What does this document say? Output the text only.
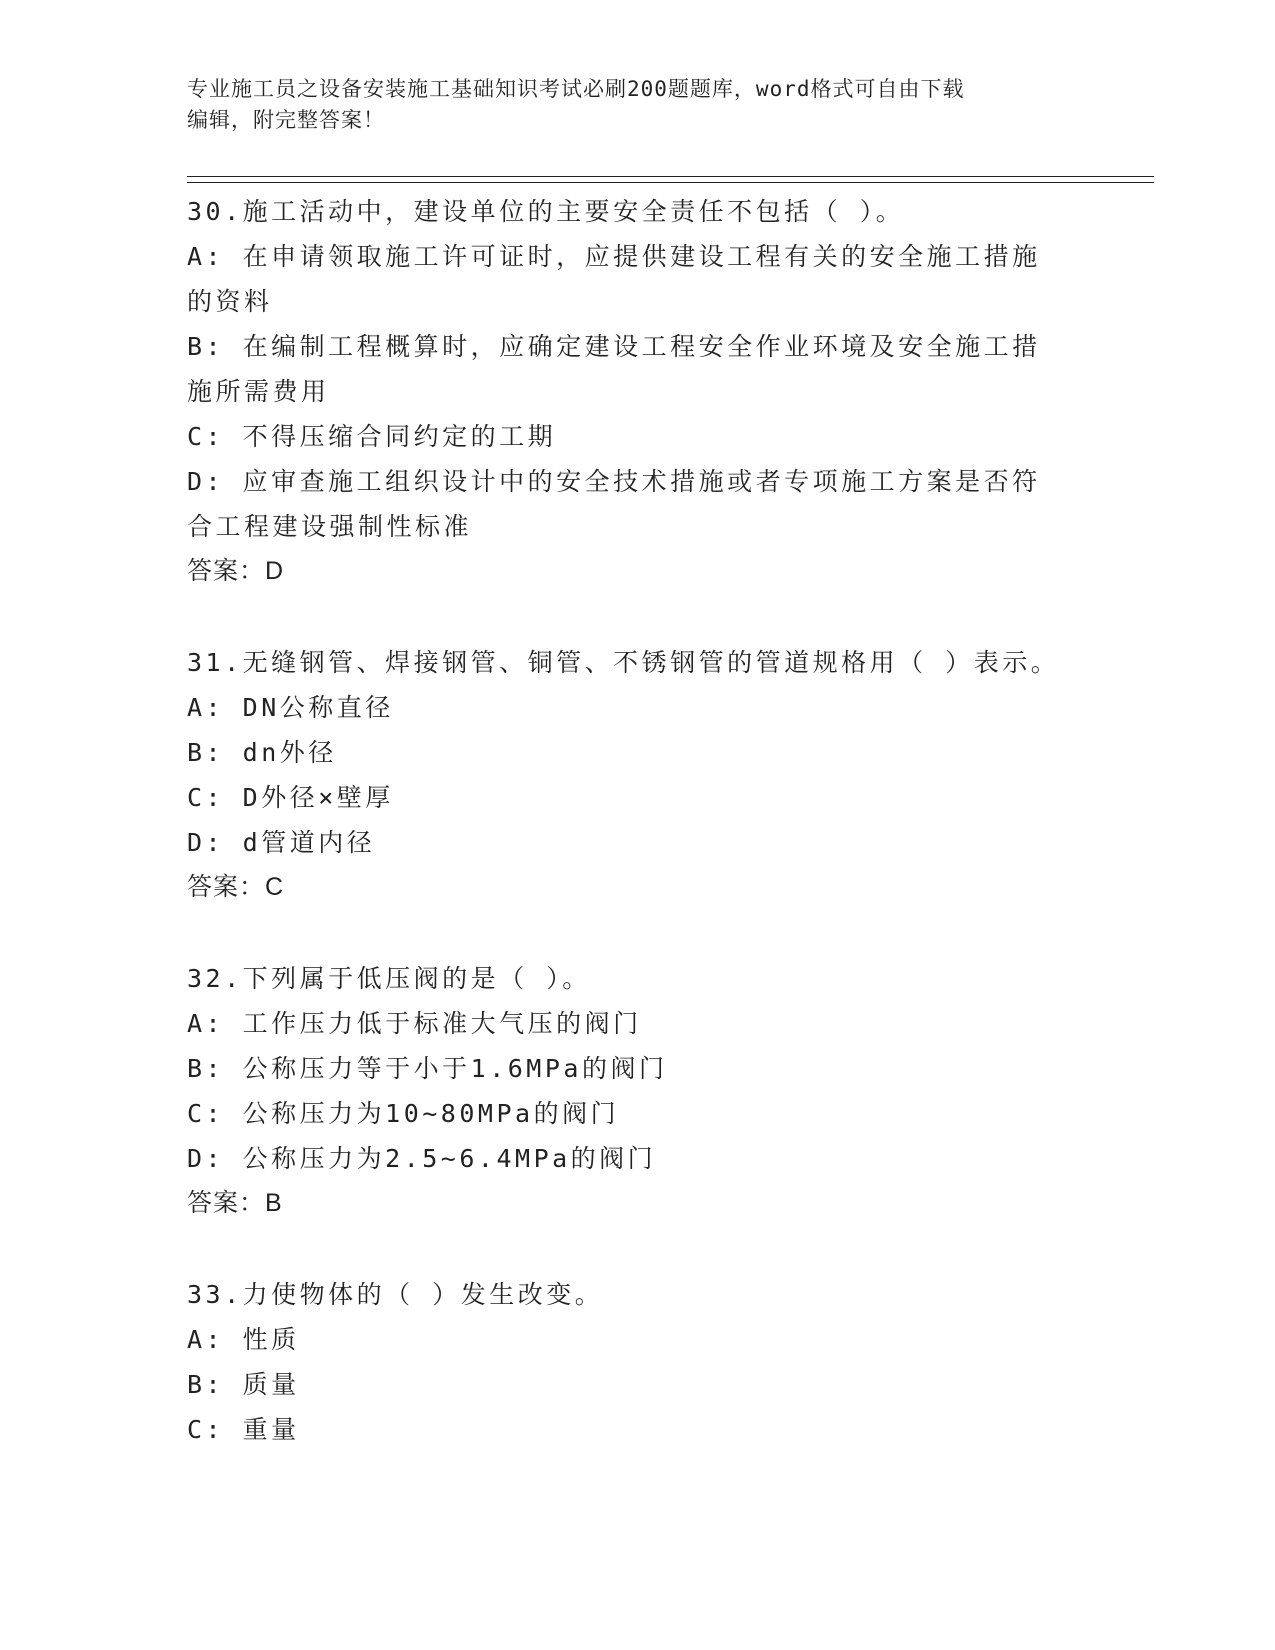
专业施工员之设备安装施工基础知识考试必刷200题题库，word格式可自由下载
编辑，附完整答案！
30.施工活动中，建设单位的主要安全责任不包括（ ）。
A: 在申请领取施工许可证时，应提供建设工程有关的安全施工措施的资料
B: 在编制工程概算时，应确定建设工程安全作业环境及安全施工措施所需费用
C: 不得压缩合同约定的工期
D: 应审查施工组织设计中的安全技术措施或者专项施工方案是否符合工程建设强制性标准
答案：D
31.无缝钢管、焊接钢管、铜管、不锈钢管的管道规格用（ ）表示。
A: DN公称直径
B: dn外径
C: D外径×壁厚
D: d管道内径
答案：C
32.下列属于低压阀的是（ ）。
A: 工作压力低于标准大气压的阀门
B: 公称压力等于小于1.6MPa的阀门
C: 公称压力为10~80MPa的阀门
D: 公称压力为2.5~6.4MPa的阀门
答案：B
33.力使物体的（ ）发生改变。
A: 性质
B: 质量
C: 重量
